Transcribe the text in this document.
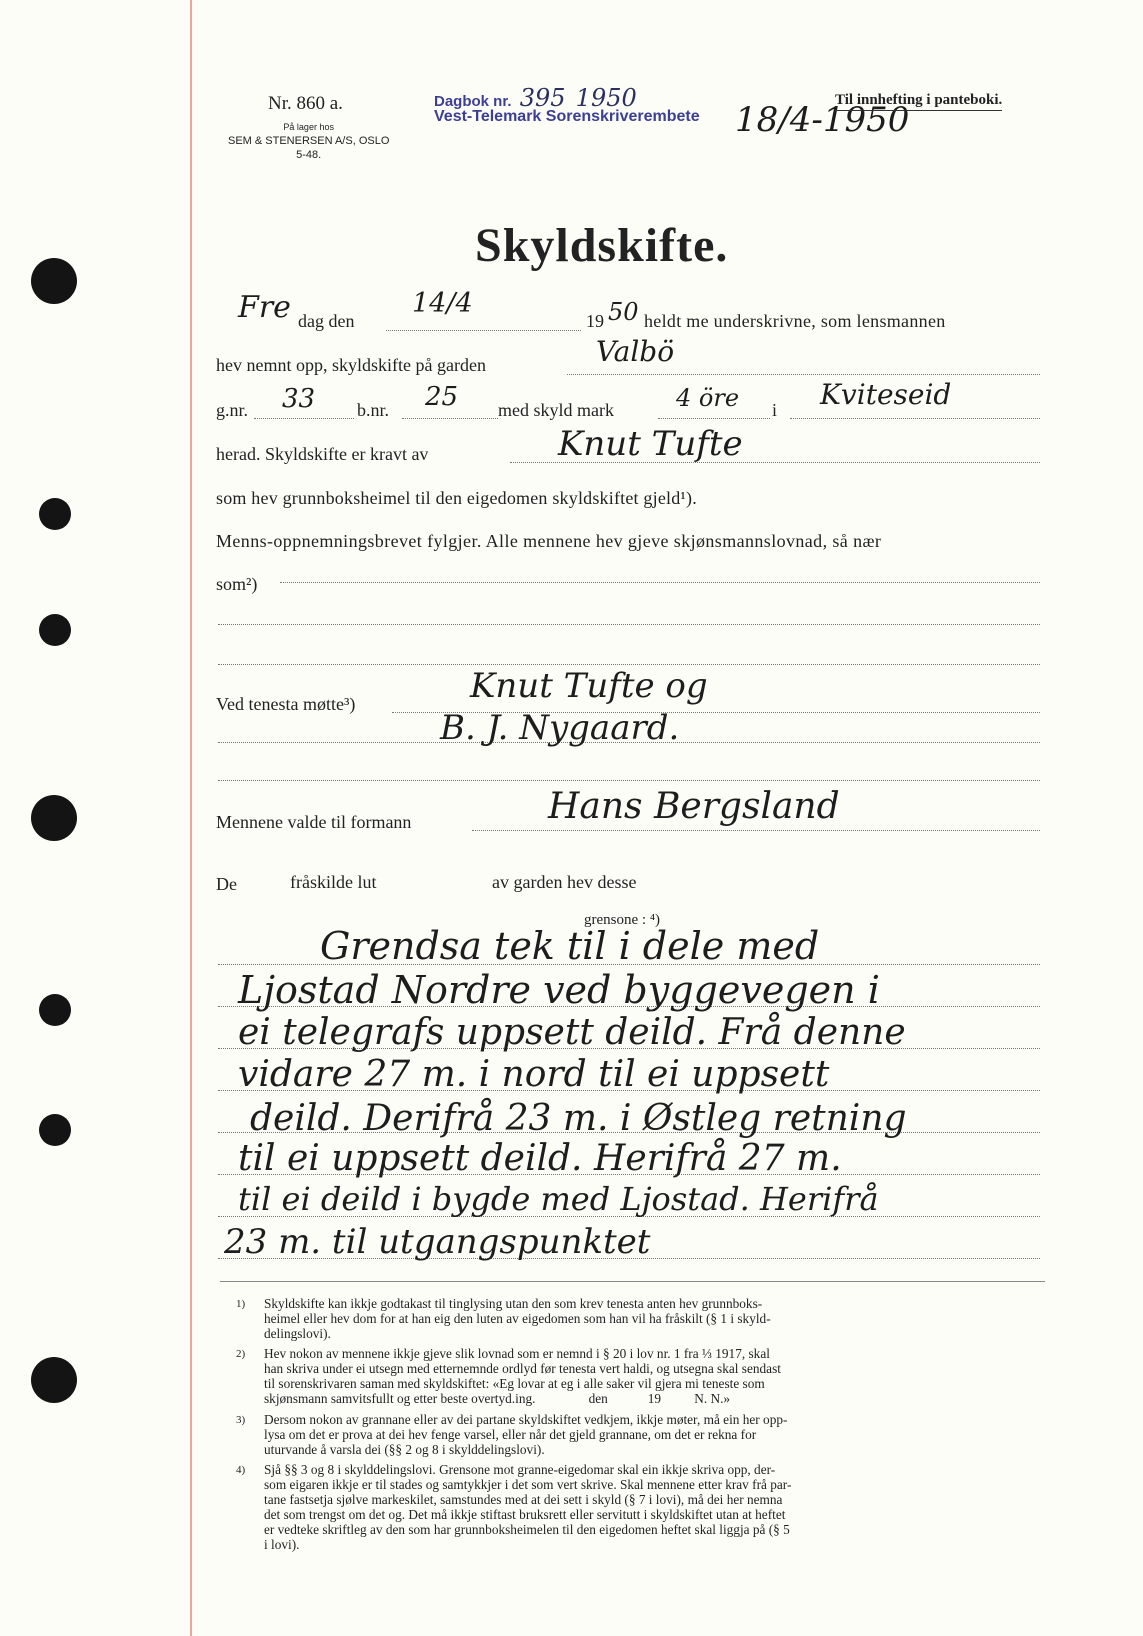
Nr. 860 a.
På lager hos
SEM & STENERSEN A/S, OSLO
5-48.
Dagbok nr. 395 1950
Vest-Telemark Sorenskriverembete 18/4-1950
Til innhefting i panteboki.
Skyldskifte.
Fre dag den
14/4
19 50 heldt me underskrivne, som lensmannen
hev nemnt opp, skyldskifte på garden	Valbö
g.nr. 33 b.nr. 25 med skyld mark	4 öre i Kviteseid
herad. Skyldskifte er kravt av	Knut Tufte
som hev grunnboksheimel til den eigedomen skyldskiftet gjeld¹).
Menns-oppnemningsbrevet fylgjer. Alle mennene hev gjeve skjønsmannslovnad, så nær
som²)
Ved tenesta møtte³)	Knut Tufte og
B. J. Nygaard.
Mennene valde til formann	Hans Bergsland
De	fråskilde lut	av garden hev desse
grensone : ⁴)
Grendsa tek til i dele med
Ljostad Nordre ved byggevegen i
ei telegrafs uppsett deild. Frå denne
vidare 27 m. i nord til ei uppsett
deild. Derifrå 23 m. i Østleg retning
til ei uppsett deild. Herifrå 27 m.
til ei deild i bygde med Ljostad. Herifrå
23 m. til utgangspunktet
1) Skyldskifte kan ikkje godtakast til tinglysing utan den som krev tenesta anten hev grunnboks-
heimel eller hev dom for at han eig den luten av eigedomen som han vil ha fråskilt (§ 1 i skyld-
delingslovi).
2) Hev nokon av mennene ikkje gjeve slik lovnad som er nemnd i § 20 i lov nr. 1 fra ⅓ 1917, skal
han skriva under ei utsegn med etternemnde ordlyd før tenesta vert haldi, og utsegna skal sendast
til sorenskrivaren saman med skyldskiftet: «Eg lovar at eg i alle saker vil gjera mi teneste som
skjønsmann samvitsfullt og etter beste overtyd.ing.                den            19          N. N.»
3) Dersom nokon av grannane eller av dei partane skyldskiftet vedkjem, ikkje møter, må ein her opp-
lysa om det er prova at dei hev fenge varsel, eller når det gjeld grannane, om det er rekna for
uturvande å varsla dei (§§ 2 og 8 i skylddelingslovi).
4) Sjå §§ 3 og 8 i skylddelingslovi. Grensone mot granne-eigedomar skal ein ikkje skriva opp, der-
som eigaren ikkje er til stades og samtykkjer i det som vert skrive. Skal mennene etter krav frå par-
tane fastsetja sjølve markeskilet, samstundes med at dei sett i skyld (§ 7 i lovi), må dei her nemna
det som trengst om det og. Det må ikkje stiftast bruksrett eller servitutt i skyldskiftet utan at heftet
er vedteke skriftleg av den som har grunnboksheimelen til den eigedomen heftet skal liggja på (§ 5
i lovi).
